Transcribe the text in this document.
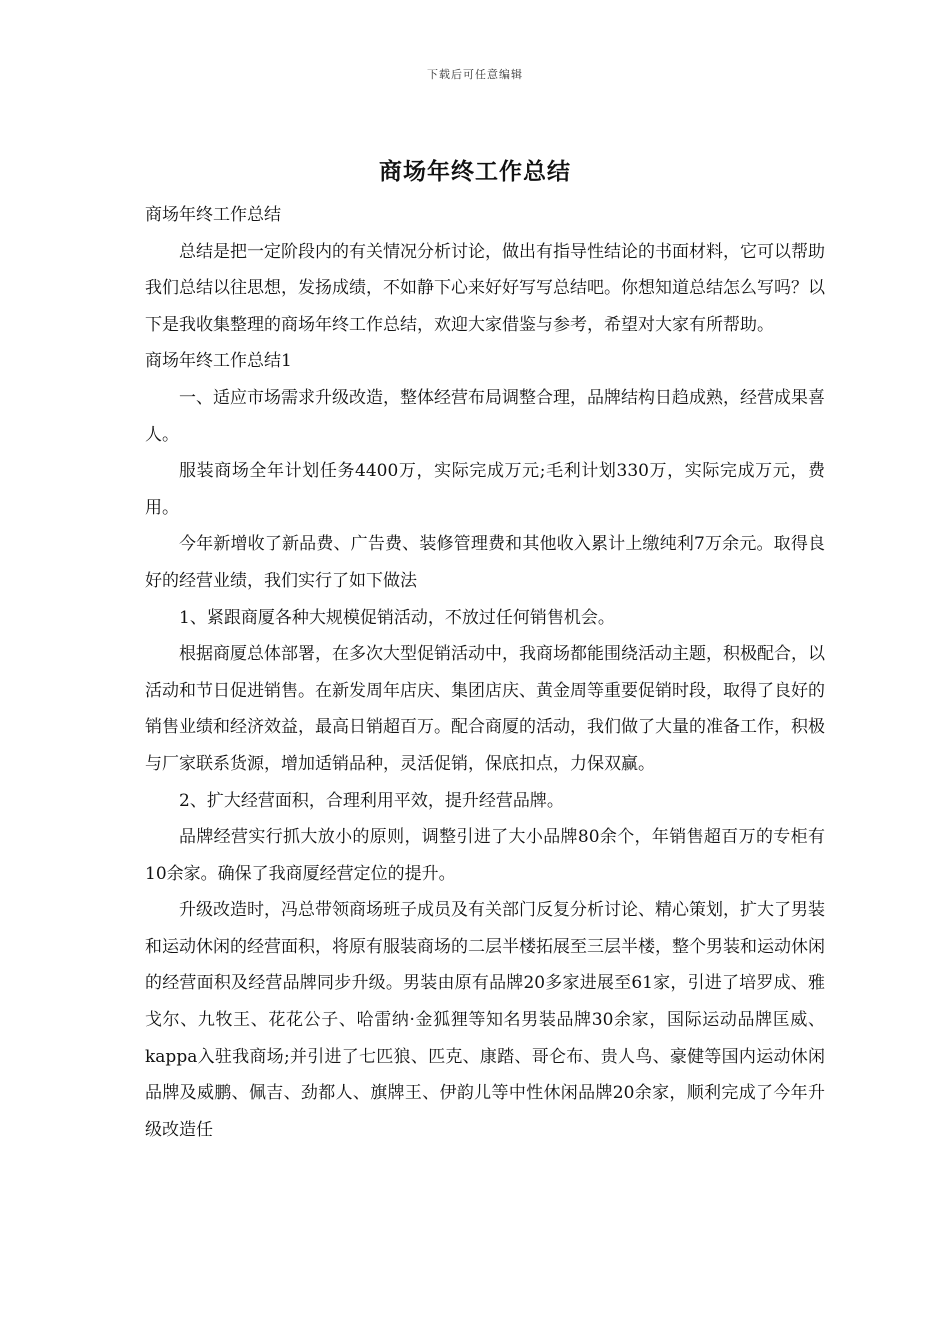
下载后可任意编辑
商场年终工作总结

商场年终工作总结

总结是把一定阶段内的有关情况分析讨论，做出有指导性结论的书面材料，它可以帮助我们总结以往思想，发扬成绩，不如静下心来好好写写总结吧。你想知道总结怎么写吗？以下是我收集整理的商场年终工作总结，欢迎大家借鉴与参考，希望对大家有所帮助。

商场年终工作总结1

一、适应市场需求升级改造，整体经营布局调整合理，品牌结构日趋成熟，经营成果喜人。

服装商场全年计划任务4400万，实际完成万元;毛利计划330万，实际完成万元，费用。

今年新增收了新品费、广告费、装修管理费和其他收入累计上缴纯利7万余元。取得良好的经营业绩，我们实行了如下做法

1、紧跟商厦各种大规模促销活动，不放过任何销售机会。

根据商厦总体部署，在多次大型促销活动中，我商场都能围绕活动主题，积极配合，以活动和节日促进销售。在新发周年店庆、集团店庆、黄金周等重要促销时段，取得了良好的销售业绩和经济效益，最高日销超百万。配合商厦的活动，我们做了大量的准备工作，积极与厂家联系货源，增加适销品种，灵活促销，保底扣点，力保双赢。

2、扩大经营面积，合理利用平效，提升经营品牌。

品牌经营实行抓大放小的原则，调整引进了大小品牌80余个，年销售超百万的专柜有10余家。确保了我商厦经营定位的提升。

升级改造时，冯总带领商场班子成员及有关部门反复分析讨论、精心策划，扩大了男装和运动休闲的经营面积，将原有服装商场的二层半楼拓展至三层半楼，整个男装和运动休闲的经营面积及经营品牌同步升级。男装由原有品牌20多家进展至61家，引进了培罗成、雅戈尔、九牧王、花花公子、哈雷纳·金狐狸等知名男装品牌30余家，国际运动品牌匡威、kappa入驻我商场;并引进了七匹狼、匹克、康踏、哥仑布、贵人鸟、豪健等国内运动休闲品牌及威鹏、佩吉、劲都人、旗牌王、伊韵儿等中性休闲品牌20余家，顺利完成了今年升级改造任
